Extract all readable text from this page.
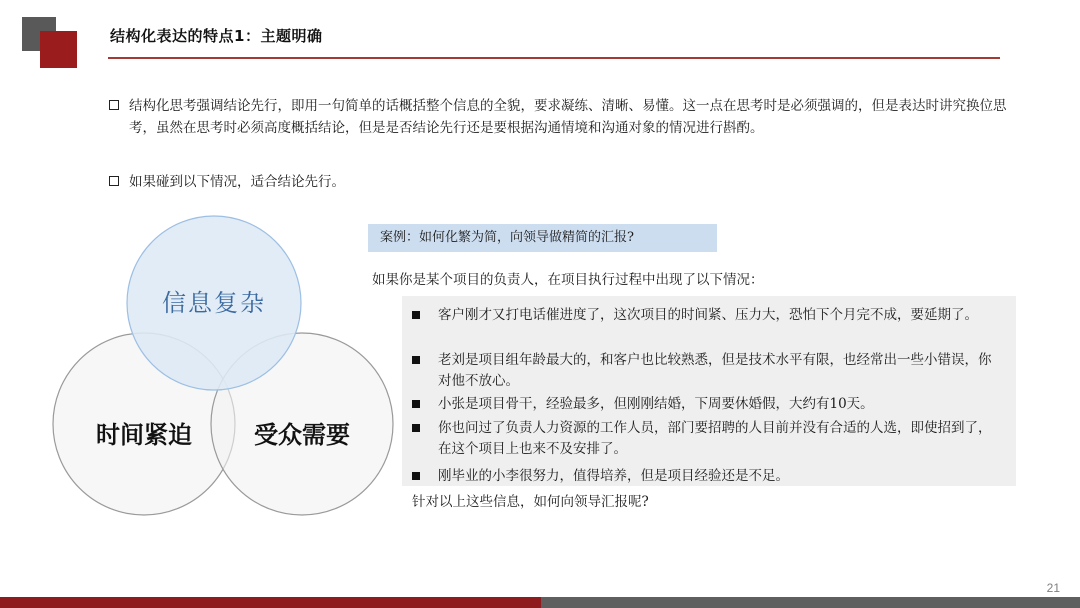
结构化表达的特点1：主题明确
结构化思考强调结论先行，即用一句简单的话概括整个信息的全貌，要求凝练、清晰、易懂。这一点在思考时是必须强调的，但是表达时讲究换位思考，虽然在思考时必须高度概括结论，但是是否结论先行还是要根据沟通情境和沟通对象的情况进行斟酌。
如果碰到以下情况，适合结论先行。
信息复杂
时间紧迫	受众需要
案例：如何化繁为简，向领导做精简的汇报?
如果你是某个项目的负责人，在项目执行过程中出现了以下情况：
客户刚才又打电话催进度了，这次项目的时间紧、压力大，恐怕下个月完不成，要延期了。
老刘是项目组年龄最大的，和客户也比较熟悉，但是技术水平有限，也经常出一些小错误，你对他不放心。
小张是项目骨干，经验最多，但刚刚结婚，下周要休婚假，大约有10天。
你也问过了负责人力资源的工作人员，部门要招聘的人目前并没有合适的人选，即使招到了，在这个项目上也来不及安排了。
刚毕业的小李很努力，值得培养，但是项目经验还是不足。
针对以上这些信息，如何向领导汇报呢?
21
